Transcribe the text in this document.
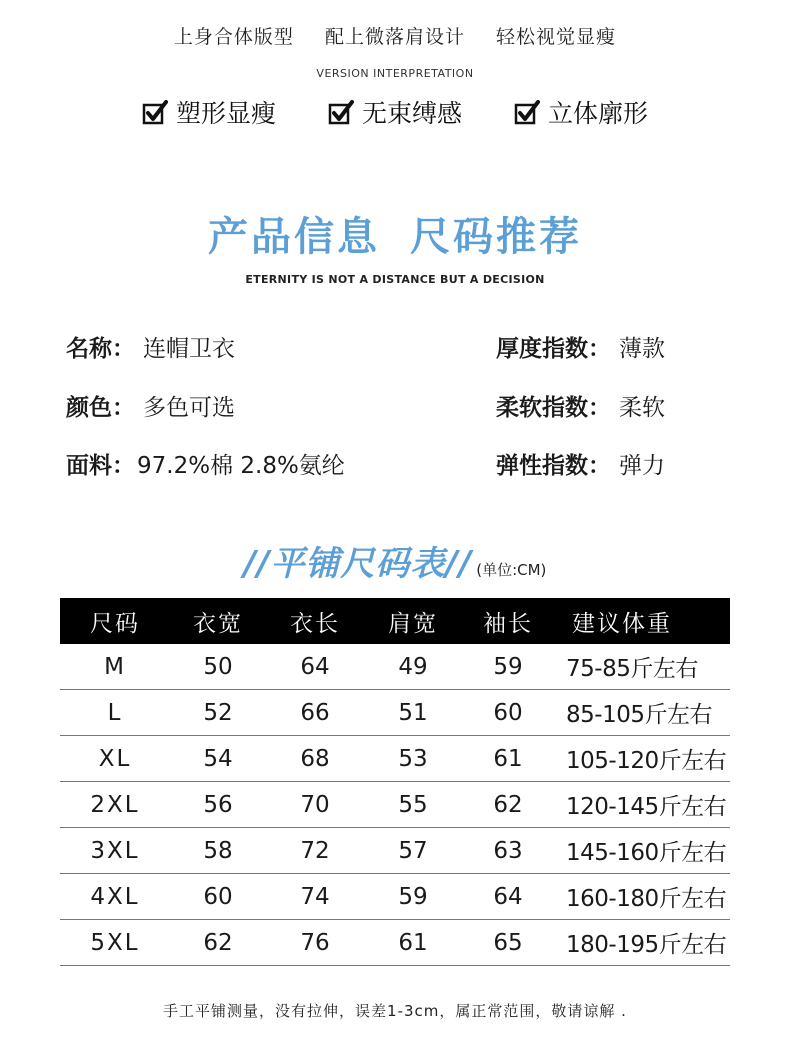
上身合体版型 配上微落肩设计 轻松视觉显瘦
VERSION INTERPRETATION
塑形显瘦	无束缚感	立体廓形
产品信息 尺码推荐
ETERNITY IS NOT A DISTANCE BUT A DECISION
名称： 连帽卫衣
颜色： 多色可选
面料： 97.2%棉 2.8%氨纶
厚度指数： 薄款
柔软指数： 柔软
弹性指数： 弹力
//平铺尺码表// (单位:CM)
尺码	衣宽	衣长	肩宽	袖长	建议体重
M	50	64	49	59	75-85斤左右
L	52	66	51	60	85-105斤左右
XL	54	68	53	61	105-120斤左右
2XL	56	70	55	62	120-145斤左右
3XL	58	72	57	63	145-160斤左右
4XL	60	74	59	64	160-180斤左右
5XL	62	76	61	65	180-195斤左右
手工平铺测量，没有拉伸，误差1-3cm，属正常范围，敬请谅解 .
